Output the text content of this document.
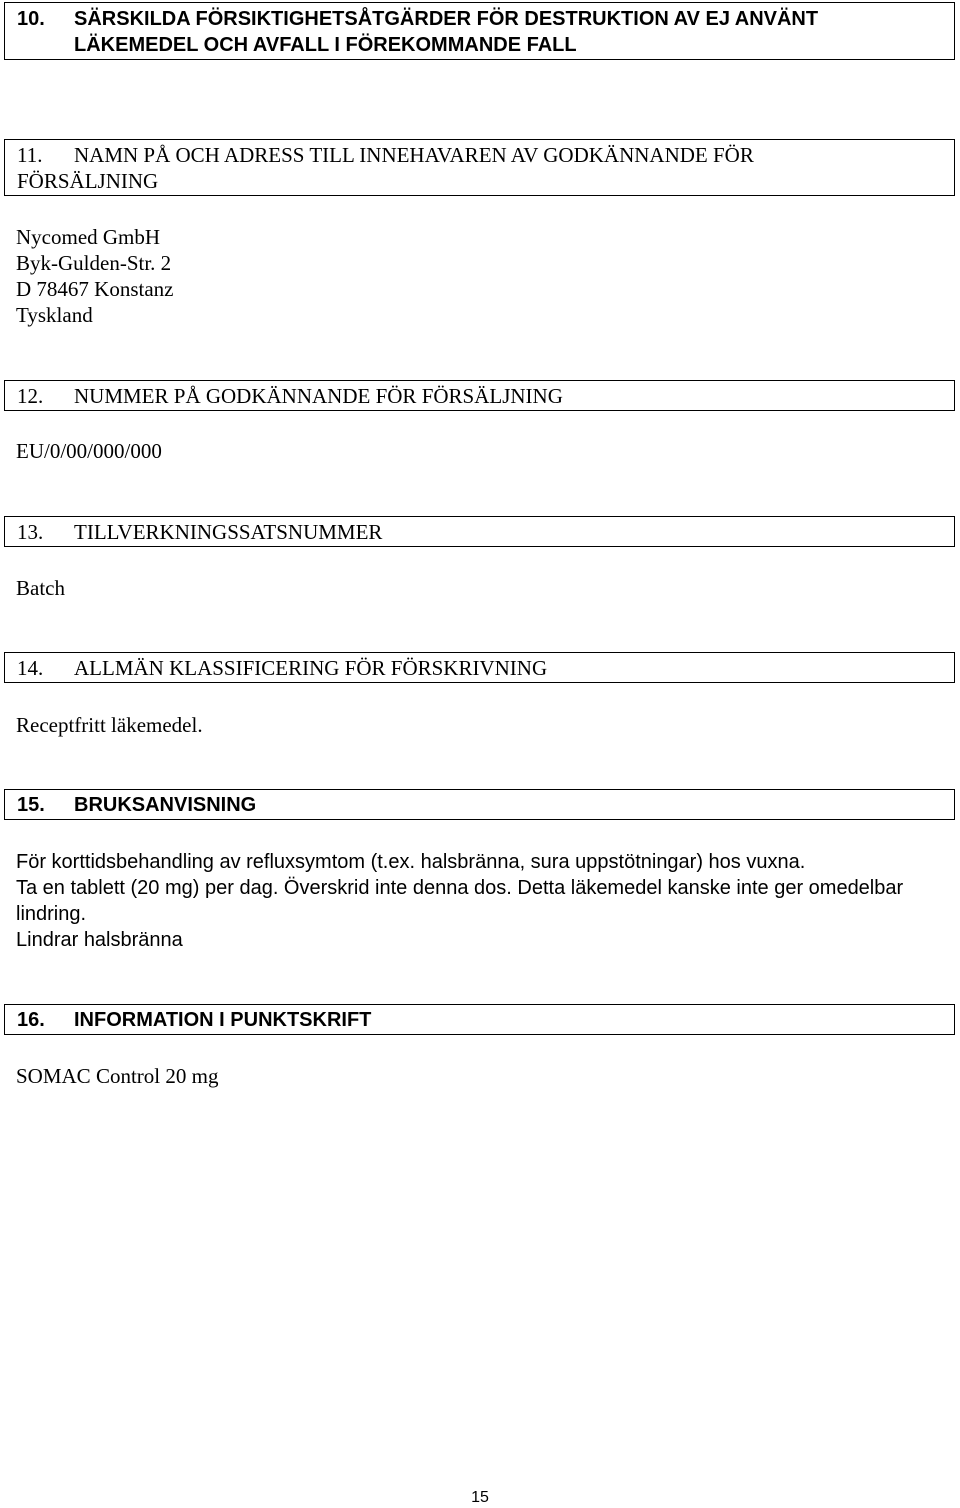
10. SÄRSKILDA FÖRSIKTIGHETSÅTGÄRDER FÖR DESTRUKTION AV EJ ANVÄNT
LÄKEMEDEL OCH AVFALL I FÖREKOMMANDE FALL
11. NAMN PÅ OCH ADRESS TILL INNEHAVAREN AV GODKÄNNANDE FÖR
FÖRSÄLJNING
Nycomed GmbH
Byk-Gulden-Str. 2
D 78467 Konstanz
Tyskland
12. NUMMER PÅ GODKÄNNANDE FÖR FÖRSÄLJNING
EU/0/00/000/000
13. TILLVERKNINGSSATSNUMMER
Batch
14. ALLMÄN KLASSIFICERING FÖR FÖRSKRIVNING
Receptfritt läkemedel.
15. BRUKSANVISNING
För korttidsbehandling av refluxsymtom (t.ex. halsbränna, sura uppstötningar) hos vuxna.
Ta en tablett (20 mg) per dag. Överskrid inte denna dos. Detta läkemedel kanske inte ger omedelbar
lindring.
Lindrar halsbränna
16. INFORMATION I PUNKTSKRIFT
SOMAC Control 20 mg
15
